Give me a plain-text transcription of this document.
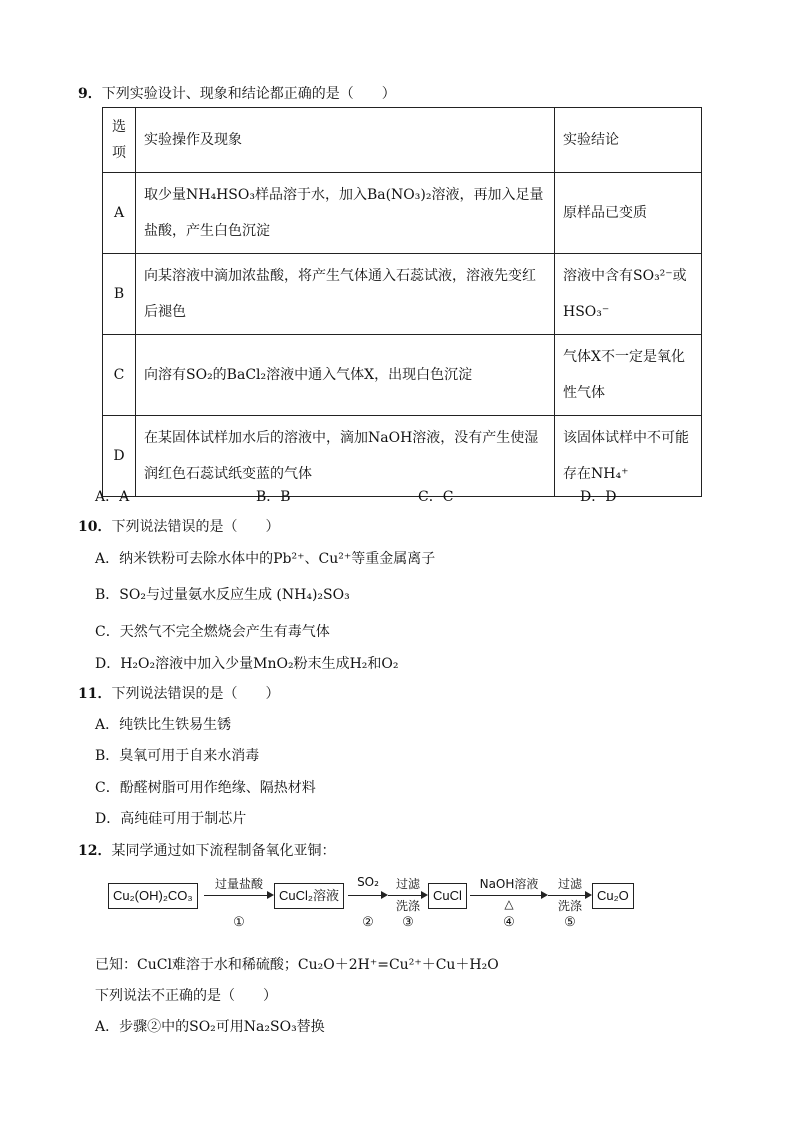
9．下列实验设计、现象和结论都正确的是（　　）
选项	实验操作及现象	实验结论
A	取少量NH₄HSO₃样品溶于水，加入Ba(NO₃)₂溶液，再加入足量盐酸，产生白色沉淀	原样品已变质
B	向某溶液中滴加浓盐酸，将产生气体通入石蕊试液，溶液先变红后褪色	溶液中含有SO₃²⁻或HSO₃⁻
C	向溶有SO₂的BaCl₂溶液中通入气体X，出现白色沉淀	气体X不一定是氧化性气体
D	在某固体试样加水后的溶液中，滴加NaOH溶液，没有产生使湿润红色石蕊试纸变蓝的气体	该固体试样中不可能存在NH₄⁺
A．A	B．B	C．C	D．D
10．下列说法错误的是（　　）
A．纳米铁粉可去除水体中的Pb²⁺、Cu²⁺等重金属离子
B．SO₂与过量氨水反应生成 (NH₄)₂SO₃
C．天然气不完全燃烧会产生有毒气体
D．H₂O₂溶液中加入少量MnO₂粉末生成H₂和O₂
11．下列说法错误的是（　　）
A．纯铁比生铁易生锈
B．臭氧可用于自来水消毒
C．酚醛树脂可用作绝缘、隔热材料
D．高纯硅可用于制芯片
12．某同学通过如下流程制备氧化亚铜：
Cu₂(OH)₂CO₃
过量盐酸
①
CuCl₂溶液
SO₂
②
过滤
洗涤
③
CuCl
NaOH溶液
△
④
过滤
洗涤
⑤
Cu₂O
已知：CuCl难溶于水和稀硫酸；Cu₂O＋2H⁺=Cu²⁺＋Cu＋H₂O
下列说法不正确的是（　　）
A．步骤②中的SO₂可用Na₂SO₃替换
